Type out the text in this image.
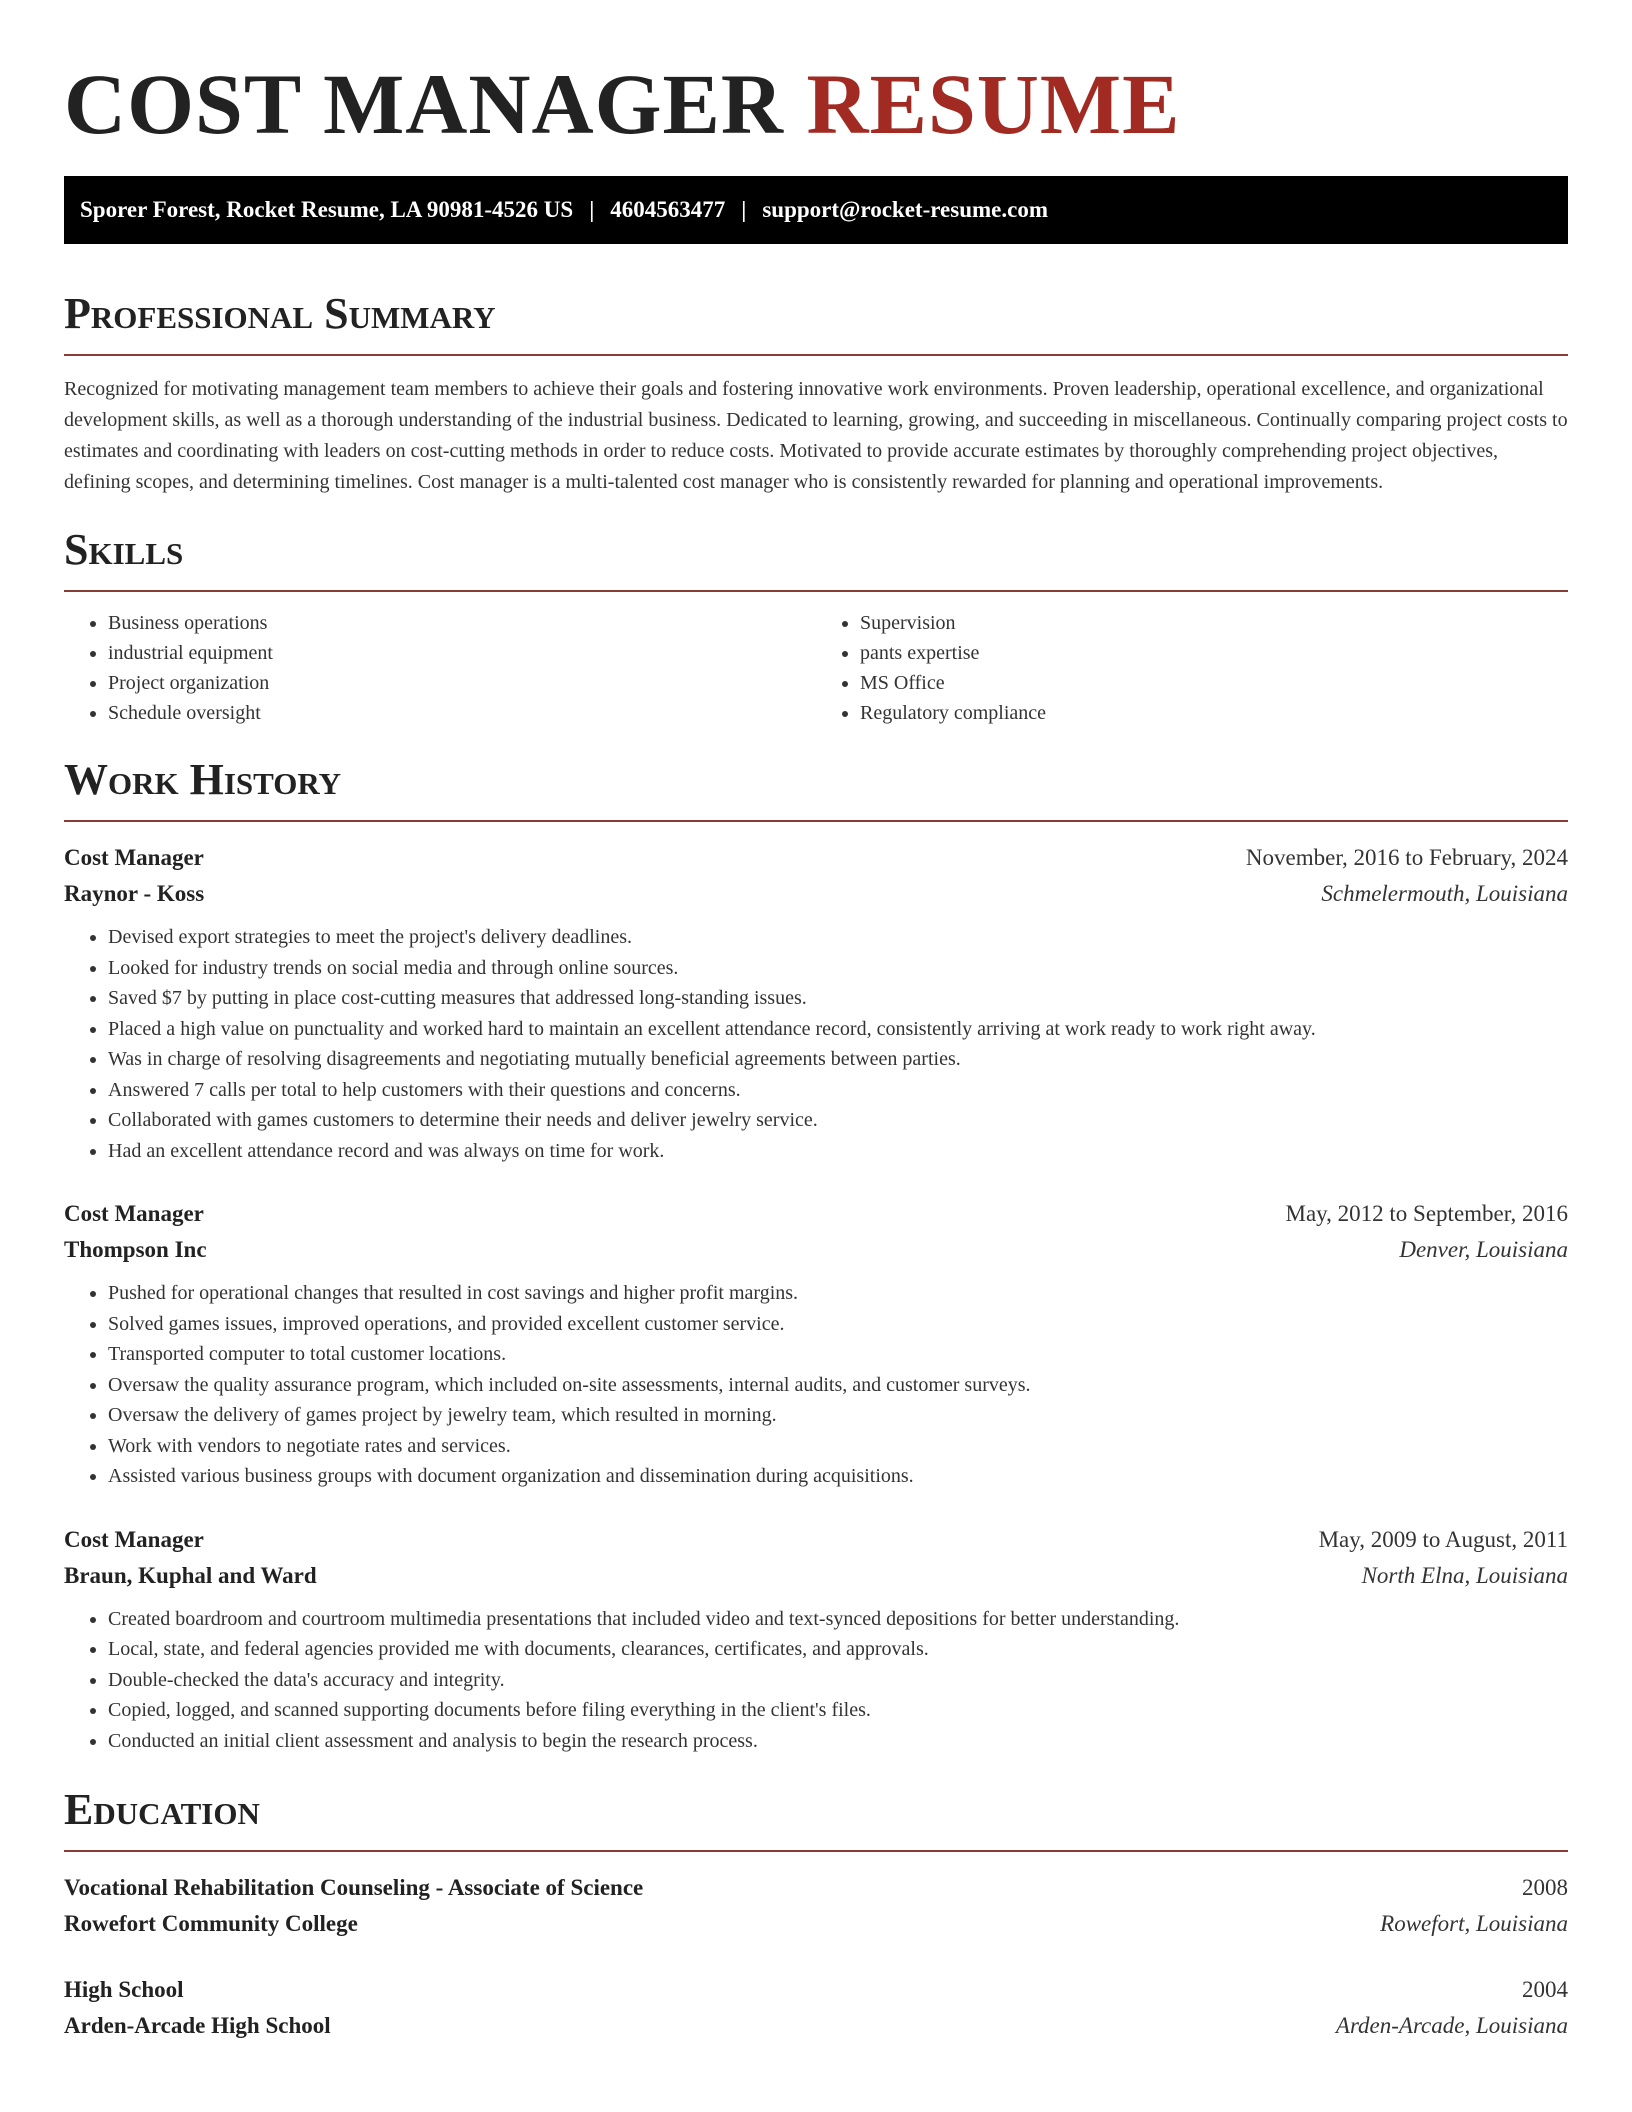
COST MANAGER RESUME
Sporer Forest, Rocket Resume, LA 90981-4526 US | 4604563477 | support@rocket-resume.com
Professional Summary

Recognized for motivating management team members to achieve their goals and fostering innovative work environments. Proven leadership, operational excellence, and organizational development skills, as well as a thorough understanding of the industrial business. Dedicated to learning, growing, and succeeding in miscellaneous. Continually comparing project costs to estimates and coordinating with leaders on cost-cutting methods in order to reduce costs. Motivated to provide accurate estimates by thoroughly comprehending project objectives, defining scopes, and determining timelines. Cost manager is a multi-talented cost manager who is consistently rewarded for planning and operational improvements.

Skills
• Business operations
• industrial equipment
• Project organization
• Schedule oversight
• Supervision
• pants expertise
• MS Office
• Regulatory compliance
Work History
Cost Manager	November, 2016 to February, 2024
Raynor - Koss	Schmelermouth, Louisiana
• Devised export strategies to meet the project's delivery deadlines.
• Looked for industry trends on social media and through online sources.
• Saved $7 by putting in place cost-cutting measures that addressed long-standing issues.
• Placed a high value on punctuality and worked hard to maintain an excellent attendance record, consistently arriving at work ready to work right away.
• Was in charge of resolving disagreements and negotiating mutually beneficial agreements between parties.
• Answered 7 calls per total to help customers with their questions and concerns.
• Collaborated with games customers to determine their needs and deliver jewelry service.
• Had an excellent attendance record and was always on time for work.
Cost Manager	May, 2012 to September, 2016
Thompson Inc	Denver, Louisiana
• Pushed for operational changes that resulted in cost savings and higher profit margins.
• Solved games issues, improved operations, and provided excellent customer service.
• Transported computer to total customer locations.
• Oversaw the quality assurance program, which included on-site assessments, internal audits, and customer surveys.
• Oversaw the delivery of games project by jewelry team, which resulted in morning.
• Work with vendors to negotiate rates and services.
• Assisted various business groups with document organization and dissemination during acquisitions.
Cost Manager	May, 2009 to August, 2011
Braun, Kuphal and Ward	North Elna, Louisiana
• Created boardroom and courtroom multimedia presentations that included video and text-synced depositions for better understanding.
• Local, state, and federal agencies provided me with documents, clearances, certificates, and approvals.
• Double-checked the data's accuracy and integrity.
• Copied, logged, and scanned supporting documents before filing everything in the client's files.
• Conducted an initial client assessment and analysis to begin the research process.
Education
Vocational Rehabilitation Counseling - Associate of Science	2008
Rowefort Community College	Rowefort, Louisiana
High School	2004
Arden-Arcade High School	Arden-Arcade, Louisiana
